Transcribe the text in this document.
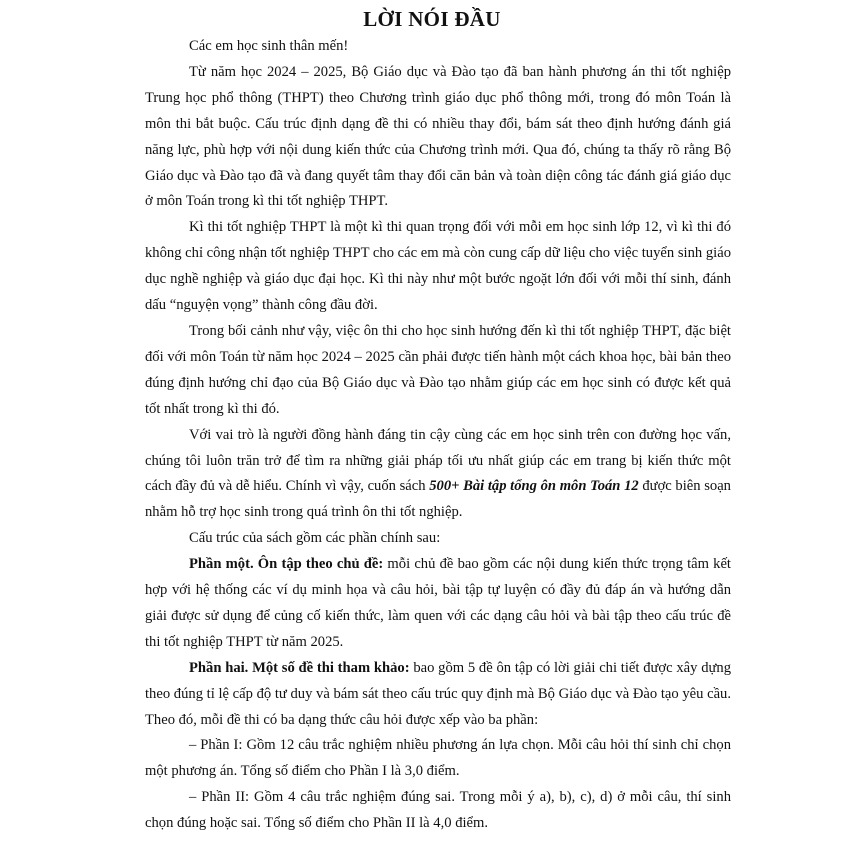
LỜI NÓI ĐẦU

Các em học sinh thân mến!

Từ năm học 2024 – 2025, Bộ Giáo dục và Đào tạo đã ban hành phương án thi tốt nghiệp Trung học phổ thông (THPT) theo Chương trình giáo dục phổ thông mới, trong đó môn Toán là môn thi bắt buộc. Cấu trúc định dạng đề thi có nhiều thay đổi, bám sát theo định hướng đánh giá năng lực, phù hợp với nội dung kiến thức của Chương trình mới. Qua đó, chúng ta thấy rõ rằng Bộ Giáo dục và Đào tạo đã và đang quyết tâm thay đổi căn bản và toàn diện công tác đánh giá giáo dục ở môn Toán trong kì thi tốt nghiệp THPT.

Kì thi tốt nghiệp THPT là một kì thi quan trọng đối với mỗi em học sinh lớp 12, vì kì thi đó không chỉ công nhận tốt nghiệp THPT cho các em mà còn cung cấp dữ liệu cho việc tuyển sinh giáo dục nghề nghiệp và giáo dục đại học. Kì thi này như một bước ngoặt lớn đối với mỗi thí sinh, đánh dấu “nguyện vọng” thành công đầu đời.

Trong bối cảnh như vậy, việc ôn thi cho học sinh hướng đến kì thi tốt nghiệp THPT, đặc biệt đối với môn Toán từ năm học 2024 – 2025 cần phải được tiến hành một cách khoa học, bài bản theo đúng định hướng chỉ đạo của Bộ Giáo dục và Đào tạo nhằm giúp các em học sinh có được kết quả tốt nhất trong kì thi đó.

Với vai trò là người đồng hành đáng tin cậy cùng các em học sinh trên con đường học vấn, chúng tôi luôn trăn trở để tìm ra những giải pháp tối ưu nhất giúp các em trang bị kiến thức một cách đầy đủ và dễ hiểu. Chính vì vậy, cuốn sách 500+ Bài tập tổng ôn môn Toán 12 được biên soạn nhằm hỗ trợ học sinh trong quá trình ôn thi tốt nghiệp.

Cấu trúc của sách gồm các phần chính sau:

Phần một. Ôn tập theo chủ đề: mỗi chủ đề bao gồm các nội dung kiến thức trọng tâm kết hợp với hệ thống các ví dụ minh họa và câu hỏi, bài tập tự luyện có đầy đủ đáp án và hướng dẫn giải được sử dụng để củng cố kiến thức, làm quen với các dạng câu hỏi và bài tập theo cấu trúc đề thi tốt nghiệp THPT từ năm 2025.

Phần hai. Một số đề thi tham khảo: bao gồm 5 đề ôn tập có lời giải chi tiết được xây dựng theo đúng tỉ lệ cấp độ tư duy và bám sát theo cấu trúc quy định mà Bộ Giáo dục và Đào tạo yêu cầu. Theo đó, mỗi đề thi có ba dạng thức câu hỏi được xếp vào ba phần:

– Phần I: Gồm 12 câu trắc nghiệm nhiều phương án lựa chọn. Mỗi câu hỏi thí sinh chỉ chọn một phương án. Tổng số điểm cho Phần I là 3,0 điểm.

– Phần II: Gồm 4 câu trắc nghiệm đúng sai. Trong mỗi ý a), b), c), d) ở mỗi câu, thí sinh chọn đúng hoặc sai. Tổng số điểm cho Phần II là 4,0 điểm.
